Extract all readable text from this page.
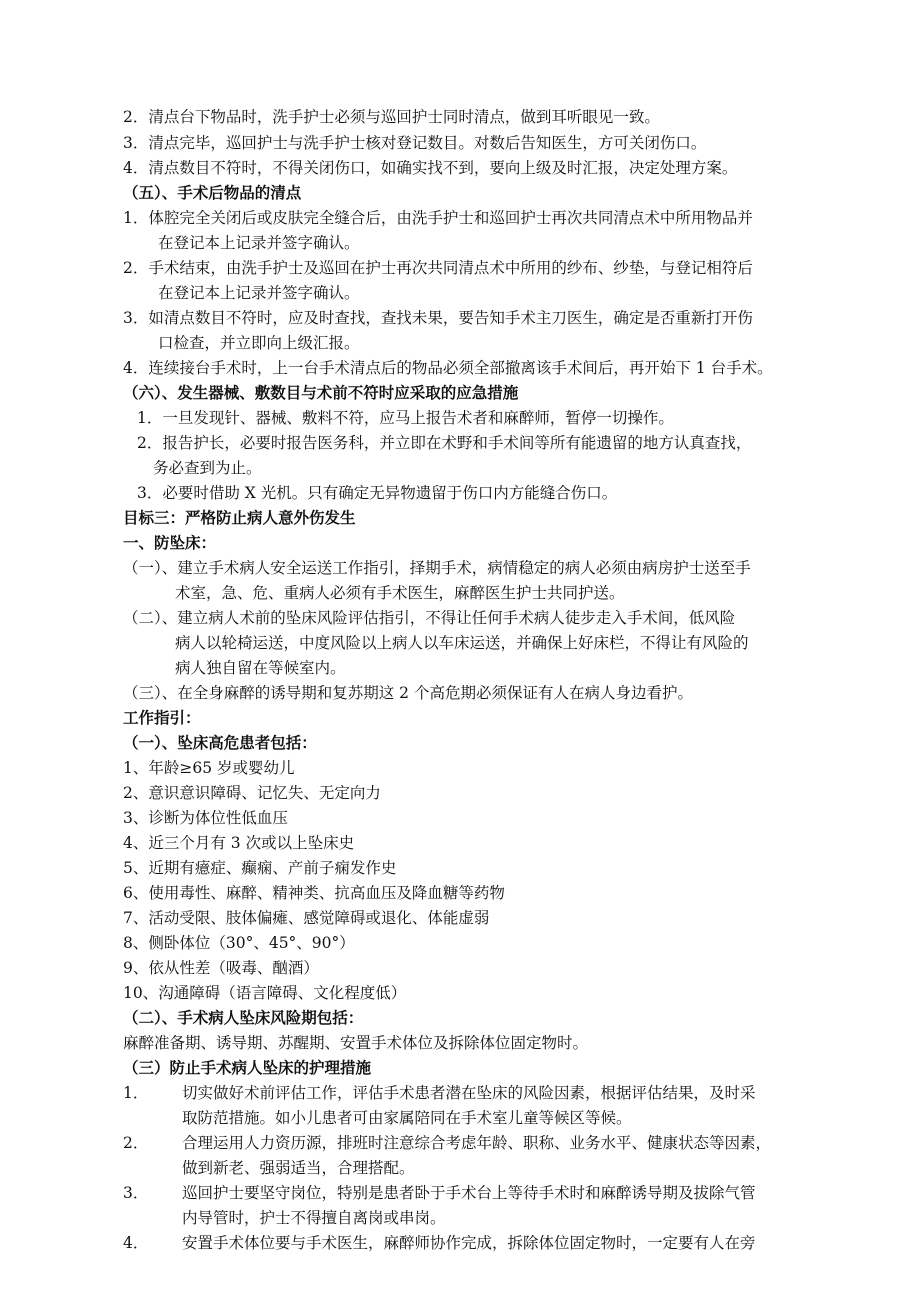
2．清点台下物品时，洗手护士必须与巡回护士同时清点，做到耳听眼见一致。
3．清点完毕，巡回护士与洗手护士核对登记数目。对数后告知医生，方可关闭伤口。
4．清点数目不符时，不得关闭伤口，如确实找不到，要向上级及时汇报，决定处理方案。
（五）、手术后物品的清点
1．体腔完全关闭后或皮肤完全缝合后，由洗手护士和巡回护士再次共同清点术中所用物品并
在登记本上记录并签字确认。
2．手术结束，由洗手护士及巡回在护士再次共同清点术中所用的纱布、纱垫，与登记相符后
在登记本上记录并签字确认。
3．如清点数目不符时，应及时查找，查找未果，要告知手术主刀医生，确定是否重新打开伤
口检查，并立即向上级汇报。
4．连续接台手术时，上一台手术清点后的物品必须全部撤离该手术间后，再开始下 1 台手术。
（六）、发生器械、敷数目与术前不符时应采取的应急措施
1．一旦发现针、器械、敷料不符，应马上报告术者和麻醉师，暂停一切操作。
2．报告护长，必要时报告医务科，并立即在术野和手术间等所有能遗留的地方认真查找，
务必查到为止。
3．必要时借助 X 光机。只有确定无异物遗留于伤口内方能缝合伤口。
目标三：严格防止病人意外伤发生
一、防坠床：
（一）、建立手术病人安全运送工作指引，择期手术，病情稳定的病人必须由病房护士送至手
术室，急、危、重病人必须有手术医生，麻醉医生护士共同护送。
（二）、建立病人术前的坠床风险评估指引，不得让任何手术病人徒步走入手术间，低风险
病人以轮椅运送，中度风险以上病人以车床运送，并确保上好床栏，不得让有风险的
病人独自留在等候室内。
（三）、在全身麻醉的诱导期和复苏期这 2 个高危期必须保证有人在病人身边看护。
工作指引：
（一）、坠床高危患者包括：
1、年龄≥65 岁或婴幼儿
2、意识意识障碍、记忆失、无定向力
3、诊断为体位性低血压
4、近三个月有 3 次或以上坠床史
5、近期有癔症、癫痫、产前子痫发作史
6、使用毒性、麻醉、精神类、抗高血压及降血糖等药物
7、活动受限、肢体偏瘫、感觉障碍或退化、体能虚弱
8、侧卧体位（30°、45°、90°）
9、依从性差（吸毒、酗酒）
10、沟通障碍（语言障碍、文化程度低）
（二）、手术病人坠床风险期包括：
麻醉准备期、诱导期、苏醒期、安置手术体位及拆除体位固定物时。
（三）防止手术病人坠床的护理措施
1． 切实做好术前评估工作，评估手术患者潜在坠床的风险因素，根据评估结果，及时采
取防范措施。如小儿患者可由家属陪同在手术室儿童等候区等候。
2． 合理运用人力资历源，排班时注意综合考虑年龄、职称、业务水平、健康状态等因素，
做到新老、强弱适当，合理搭配。
3． 巡回护士要坚守岗位，特别是患者卧于手术台上等待手术时和麻醉诱导期及拔除气管
内导管时，护士不得擅自离岗或串岗。
4． 安置手术体位要与手术医生，麻醉师协作完成，拆除体位固定物时，一定要有人在旁
